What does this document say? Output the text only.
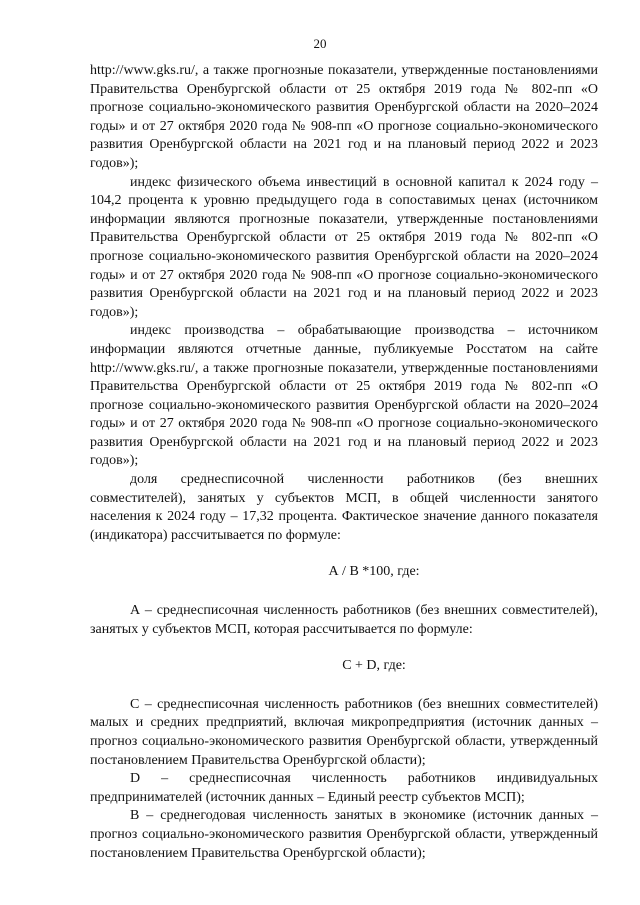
20

http://www.gks.ru/, а также прогнозные показатели, утвержденные постановлениями Правительства Оренбургской области от 25 октября 2019 года № 802-пп «О прогнозе социально-экономического развития Оренбургской области на 2020–2024 годы» и от 27 октября 2020 года № 908-пп «О прогнозе социально-экономического развития Оренбургской области на 2021 год и на плановый период 2022 и 2023 годов»);

индекс физического объема инвестиций в основной капитал к 2024 году – 104,2 процента к уровню предыдущего года в сопоставимых ценах (источником информации являются прогнозные показатели, утвержденные постановлениями Правительства Оренбургской области от 25 октября 2019 года № 802-пп «О прогнозе социально-экономического развития Оренбургской области на 2020–2024 годы» и от 27 октября 2020 года № 908-пп «О прогнозе социально-экономического развития Оренбургской области на 2021 год и на плановый период 2022 и 2023 годов»);

индекс производства – обрабатывающие производства – источником информации являются отчетные данные, публикуемые Росстатом на сайте http://www.gks.ru/, а также прогнозные показатели, утвержденные постановлениями Правительства Оренбургской области от 25 октября 2019 года № 802-пп «О прогнозе социально-экономического развития Оренбургской области на 2020–2024 годы» и от 27 октября 2020 года № 908-пп «О прогнозе социально-экономического развития Оренбургской области на 2021 год и на плановый период 2022 и 2023 годов»);

доля среднесписочной численности работников (без внешних совместителей), занятых у субъектов МСП, в общей численности занятого населения к 2024 году – 17,32 процента. Фактическое значение данного показателя (индикатора) рассчитывается по формуле:

А / В *100, где:

А – среднесписочная численность работников (без внешних совместителей), занятых у субъектов МСП, которая рассчитывается по формуле:

С + D, где:

С – среднесписочная численность работников (без внешних совместителей) малых и средних предприятий, включая микропредприятия (источник данных – прогноз социально-экономического развития Оренбургской области, утвержденный постановлением Правительства Оренбургской области);

D – среднесписочная численность работников индивидуальных предпринимателей (источник данных – Единый реестр субъектов МСП);

В – среднегодовая численность занятых в экономике (источник данных – прогноз социально-экономического развития Оренбургской области, утвержденный постановлением Правительства Оренбургской области);
